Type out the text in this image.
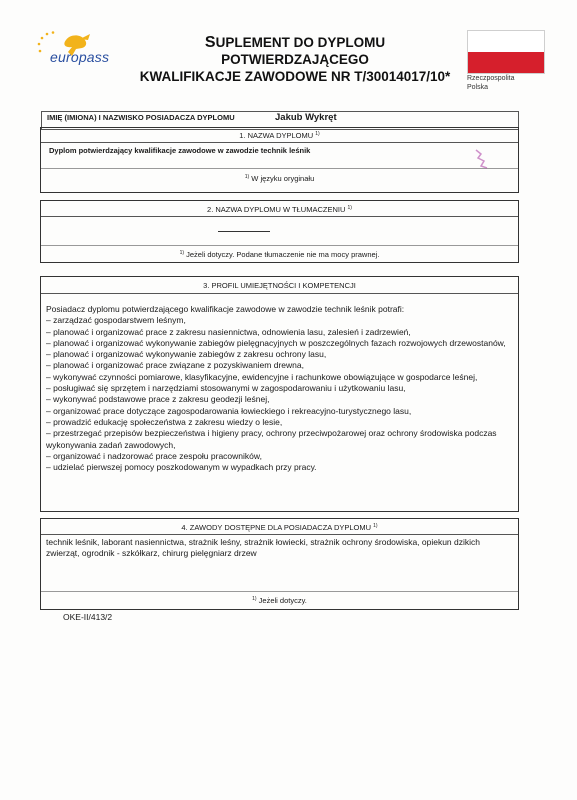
europass
SUPLEMENT DO DYPLOMU POTWIERDZAJĄCEGO
KWALIFIKACJE ZAWODOWE NR T/30014017/10*	Rzeczpospolita
Polska
IMIĘ (IMIONA) I NAZWISKO POSIADACZA DYPLOMU	Jakub Wykręt
1. NAZWA DYPLOMU $^{1)}$
Dyplom potwierdzający kwalifikacje zawodowe w zawodzie technik leśnik
$^{1)}$ W języku oryginału
2. NAZWA DYPLOMU W TŁUMACZENIU $^{1)}$
$^{1)}$ Jeżeli dotyczy. Podane tłumaczenie nie ma mocy prawnej.
3. PROFIL UMIEJĘTNOŚCI I KOMPETENCJI
Posiadacz dyplomu potwierdzającego kwalifikacje zawodowe w zawodzie technik leśnik potrafi:
– zarządzać gospodarstwem leśnym,
– planować i organizować prace z zakresu nasiennictwa, odnowienia lasu, zalesień i zadrzewień,
– planować i organizować wykonywanie zabiegów pielęgnacyjnych w poszczególnych fazach rozwojowych drzewostanów,
– planować i organizować wykonywanie zabiegów z zakresu ochrony lasu,
– planować i organizować prace związane z pozyskiwaniem drewna,
– wykonywać czynności pomiarowe, klasyfikacyjne, ewidencyjne i rachunkowe obowiązujące w gospodarce leśnej,
– posługiwać się sprzętem i narzędziami stosowanymi w zagospodarowaniu i użytkowaniu lasu,
– wykonywać podstawowe prace z zakresu geodezji leśnej,
– organizować prace dotyczące zagospodarowania łowieckiego i rekreacyjno-turystycznego lasu,
– prowadzić edukację społeczeństwa z zakresu wiedzy o lesie,
– przestrzegać przepisów bezpieczeństwa i higieny pracy, ochrony przeciwpożarowej oraz ochrony środowiska podczas wykonywania zadań zawodowych,
– organizować i nadzorować prace zespołu pracowników,
– udzielać pierwszej pomocy poszkodowanym w wypadkach przy pracy.
4. ZAWODY DOSTĘPNE DLA POSIADACZA DYPLOMU $^{1)}$
technik leśnik, laborant nasiennictwa, strażnik leśny, strażnik łowiecki, strażnik ochrony środowiska, opiekun dzikich zwierząt, ogrodnik - szkółkarz, chirurg pielęgniarz drzew
$^{1)}$ Jeżeli dotyczy.
OKE-II/413/2
